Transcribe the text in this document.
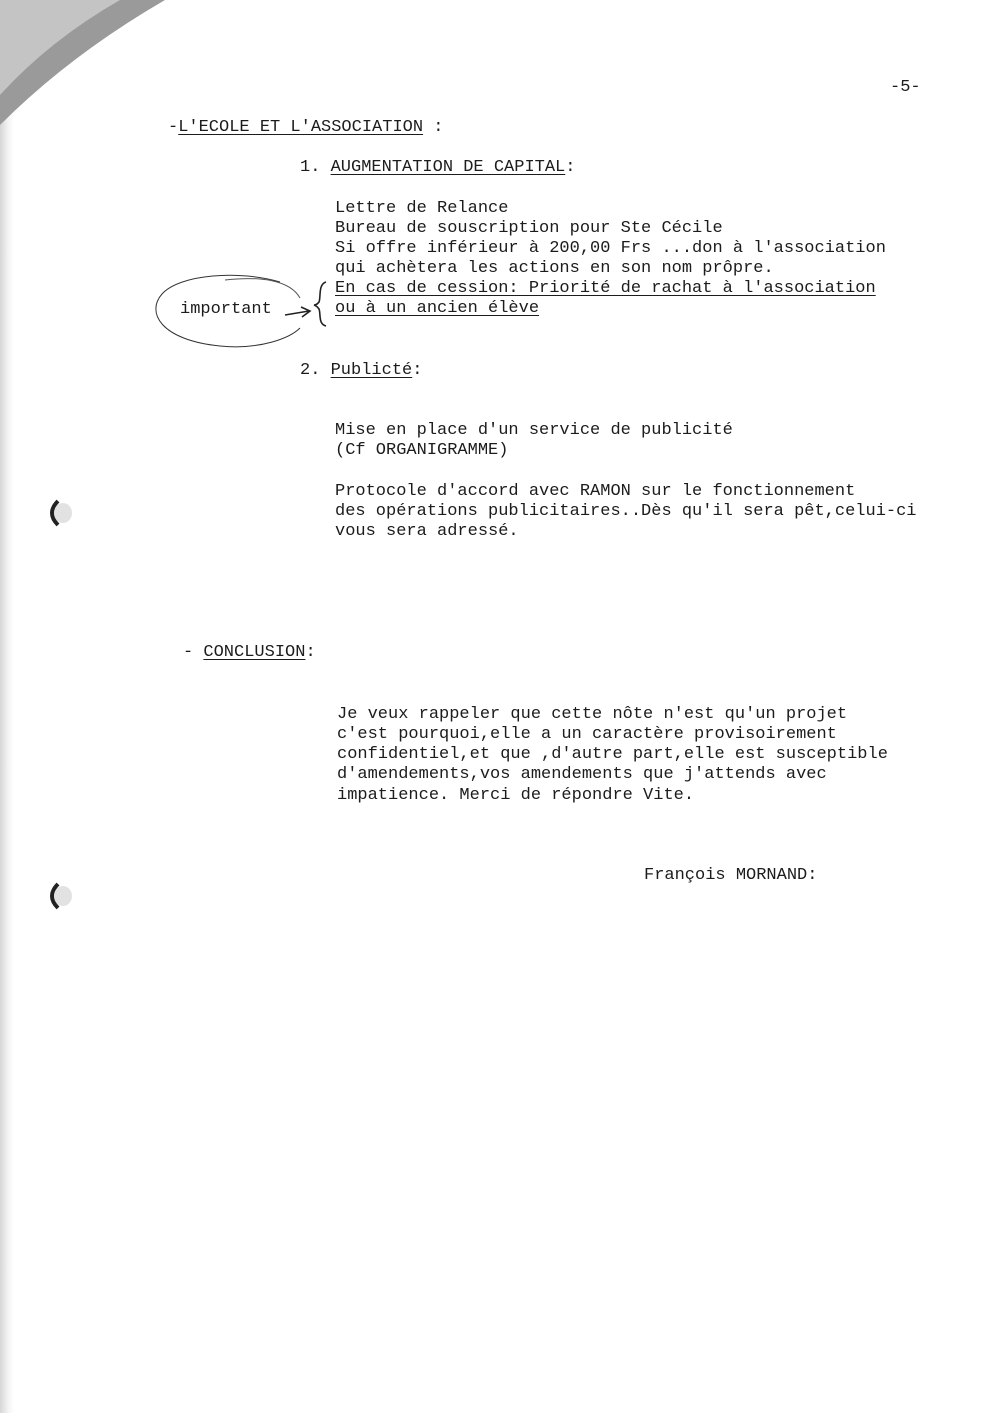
-5-
-L'ECOLE ET L'ASSOCIATION :
1. AUGMENTATION DE CAPITAL:
Lettre de Relance
Bureau de souscription pour Ste Cécile
Si offre inférieur à 200,00 Frs ...don à l'association
qui achètera les actions en son nom prôpre.
En cas de cession: Priorité de rachat à l'association
ou à un ancien élève
important
2. Publicté:
Mise en place d'un service de publicité
(Cf ORGANIGRAMME)
Protocole d'accord avec RAMON sur le fonctionnement
des opérations publicitaires..Dès qu'il sera pêt,celui-ci
vous sera adressé.
- CONCLUSION:
Je veux rappeler que cette nôte n'est qu'un projet
c'est pourquoi,elle a un caractère provisoirement
confidentiel,et que ,d'autre part,elle est susceptible
d'amendements,vos amendements que j'attends avec
impatience. Merci de répondre Vite.
François MORNAND:
